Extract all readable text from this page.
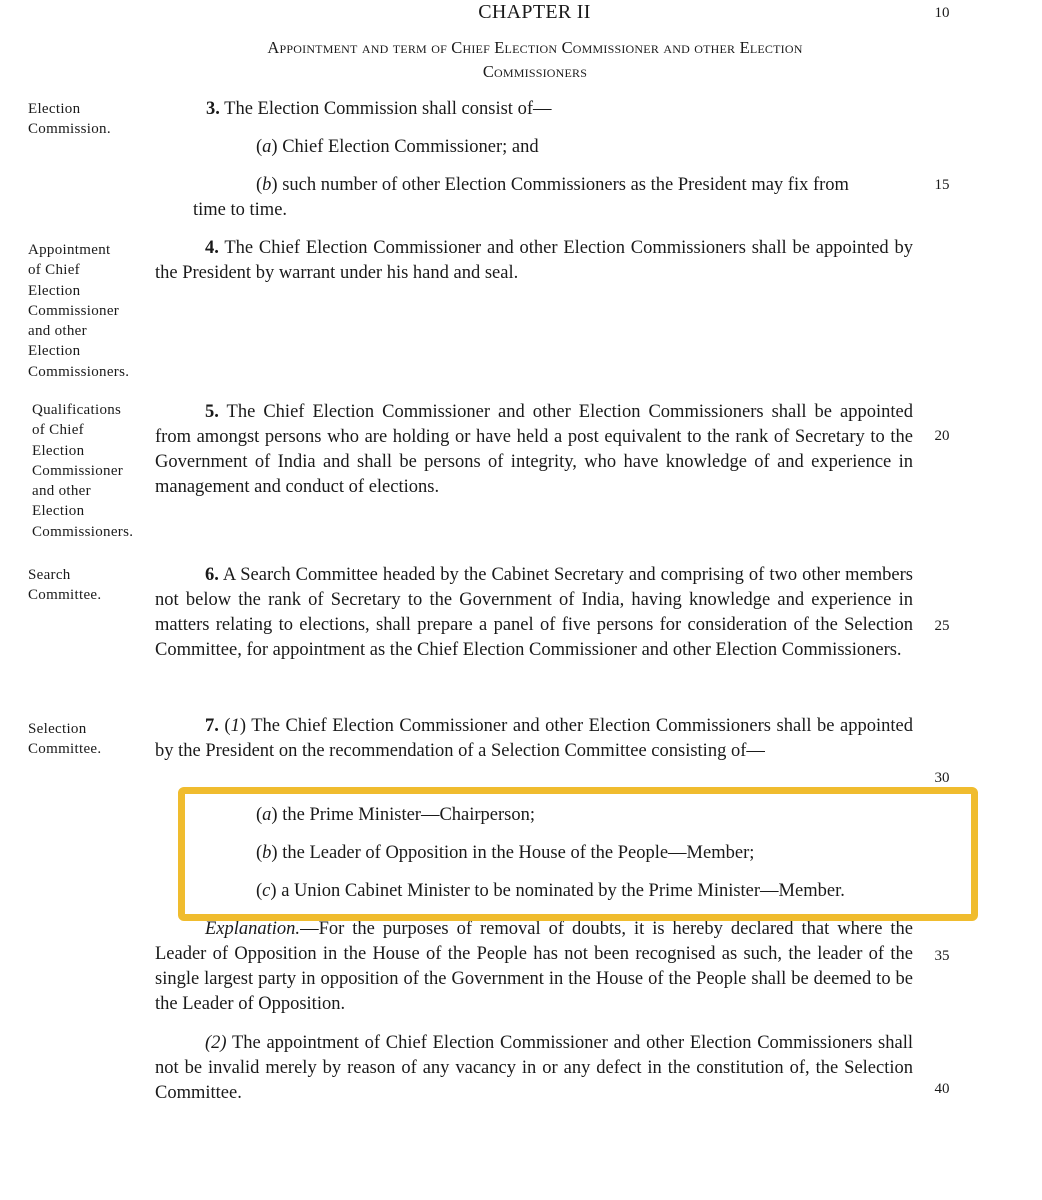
CHAPTER II
Appointment and term of Chief Election Commissioner and other Election
Commissioners
10
15
20
25
30
35
40
Election
Commission.
Appointment
of Chief
Election
Commissioner
and other
Election
Commissioners.
Qualifications
of Chief
Election
Commissioner
and other
Election
Commissioners.
Search
Committee.
Selection
Committee.
3. The Election Commission shall consist of—
(a) Chief Election Commissioner; and
(b) such number of other Election Commissioners as the President may fix from
time to time.
4. The Chief Election Commissioner and other Election Commissioners shall be appointed by the President by warrant under his hand and seal.
5. The Chief Election Commissioner and other Election Commissioners shall be appointed from amongst persons who are holding or have held a post equivalent to the rank of Secretary to the Government of India and shall be persons of integrity, who have knowledge of and experience in management and conduct of elections.
6. A Search Committee headed by the Cabinet Secretary and comprising of two other members not below the rank of Secretary to the Government of India, having knowledge and experience in matters relating to elections, shall prepare a panel of five persons for consideration of the Selection Committee, for appointment as the Chief Election Commissioner and other Election Commissioners.
7. (1) The Chief Election Commissioner and other Election Commissioners shall be appointed by the President on the recommendation of a Selection Committee consisting of—
(a) the Prime Minister—Chairperson;
(b) the Leader of Opposition in the House of the People—Member;
(c) a Union Cabinet Minister to be nominated by the Prime Minister—Member.
Explanation.—For the purposes of removal of doubts, it is hereby declared that where the Leader of Opposition in the House of the People has not been recognised as such, the leader of the single largest party in opposition of the Government in the House of the People shall be deemed to be the Leader of Opposition.
(2) The appointment of Chief Election Commissioner and other Election Commissioners shall not be invalid merely by reason of any vacancy in or any defect in the constitution of, the Selection Committee.
